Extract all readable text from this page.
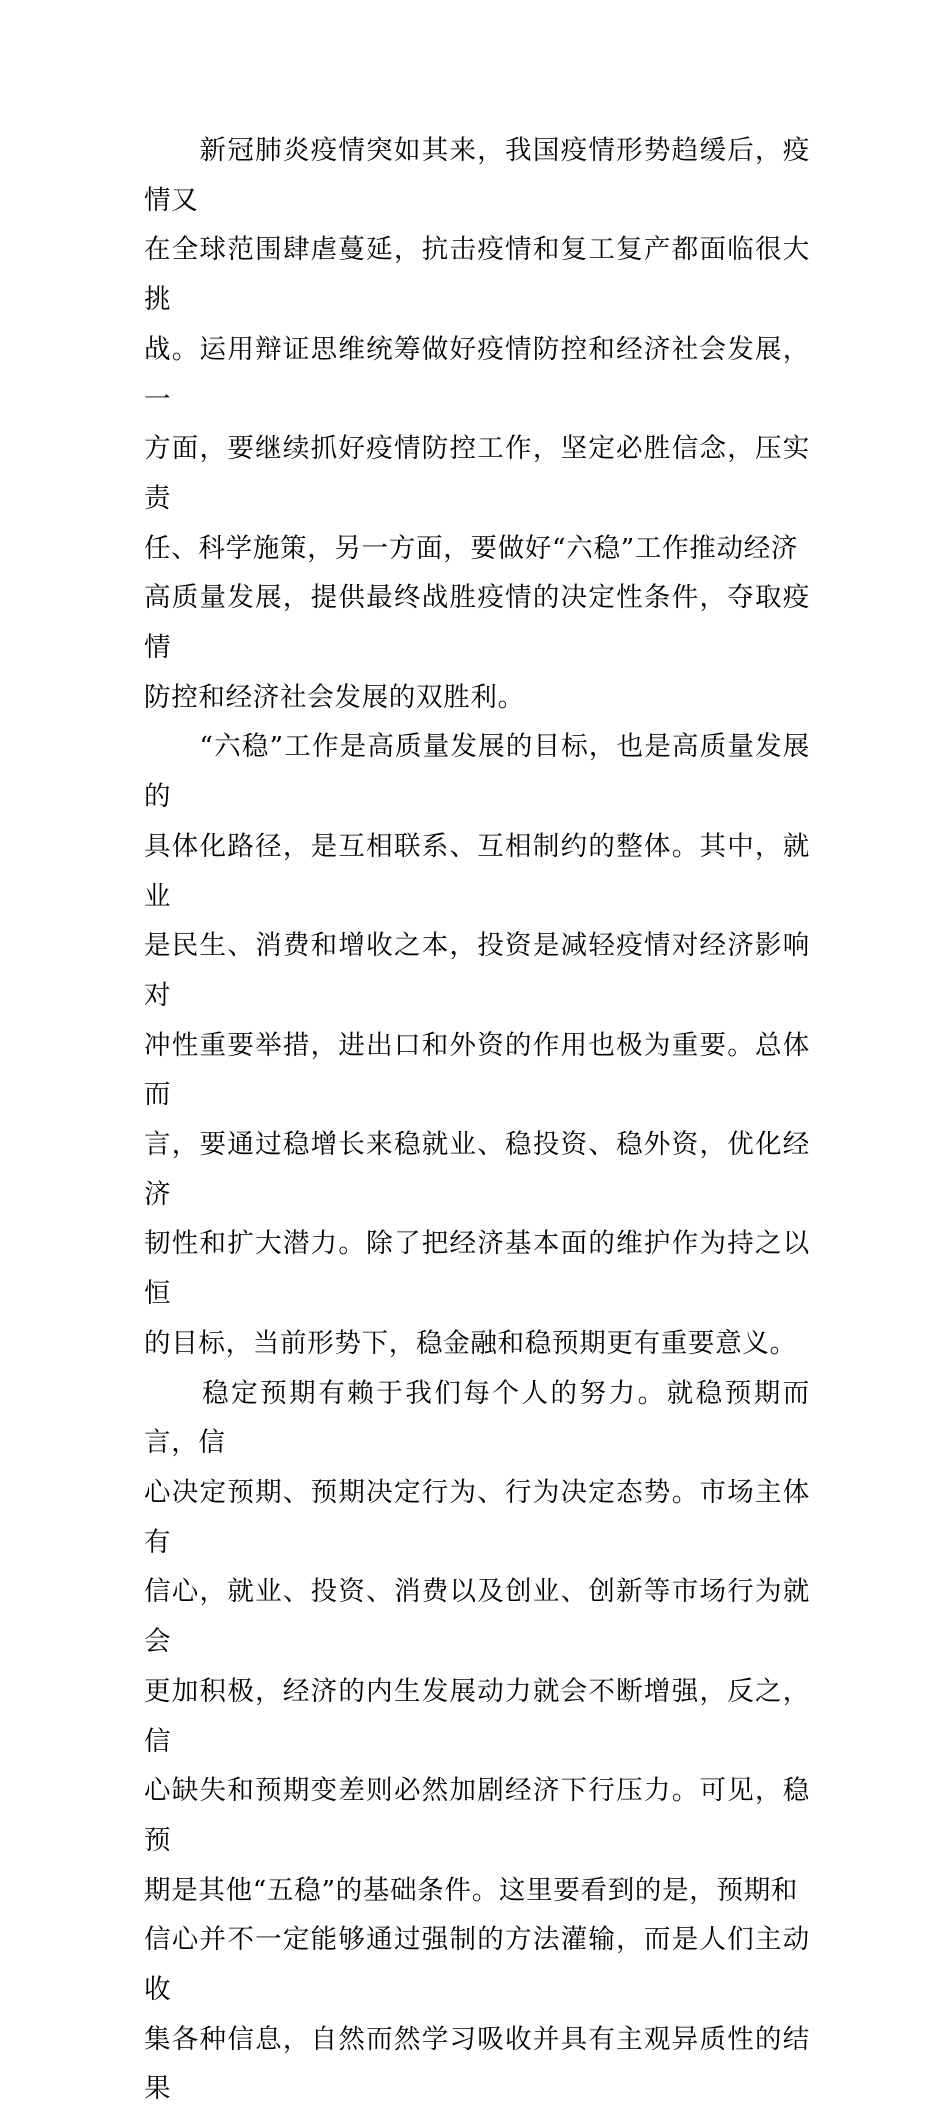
　　新冠肺炎疫情突如其来，我国疫情形势趋缓后，疫情又
在全球范围肆虐蔓延，抗击疫情和复工复产都面临很大挑
战。运用辩证思维统筹做好疫情防控和经济社会发展，一
方面，要继续抓好疫情防控工作，坚定必胜信念，压实责
任、科学施策，另一方面，要做好“六稳”工作推动经济
高质量发展，提供最终战胜疫情的决定性条件，夺取疫情
防控和经济社会发展的双胜利。

　　“六稳”工作是高质量发展的目标，也是高质量发展的
具体化路径，是互相联系、互相制约的整体。其中，就业
是民生、消费和增收之本，投资是减轻疫情对经济影响对
冲性重要举措，进出口和外资的作用也极为重要。总体而
言，要通过稳增长来稳就业、稳投资、稳外资，优化经济
韧性和扩大潜力。除了把经济基本面的维护作为持之以恒
的目标，当前形势下，稳金融和稳预期更有重要意义。

　　稳定预期有赖于我们每个人的努力。就稳预期而言，信
心决定预期、预期决定行为、行为决定态势。市场主体有
信心，就业、投资、消费以及创业、创新等市场行为就会
更加积极，经济的内生发展动力就会不断增强，反之，信
心缺失和预期变差则必然加剧经济下行压力。可见，稳预
期是其他“五稳”的基础条件。这里要看到的是，预期和
信心并不一定能够通过强制的方法灌输，而是人们主动收
集各种信息，自然而然学习吸收并具有主观异质性的结果
